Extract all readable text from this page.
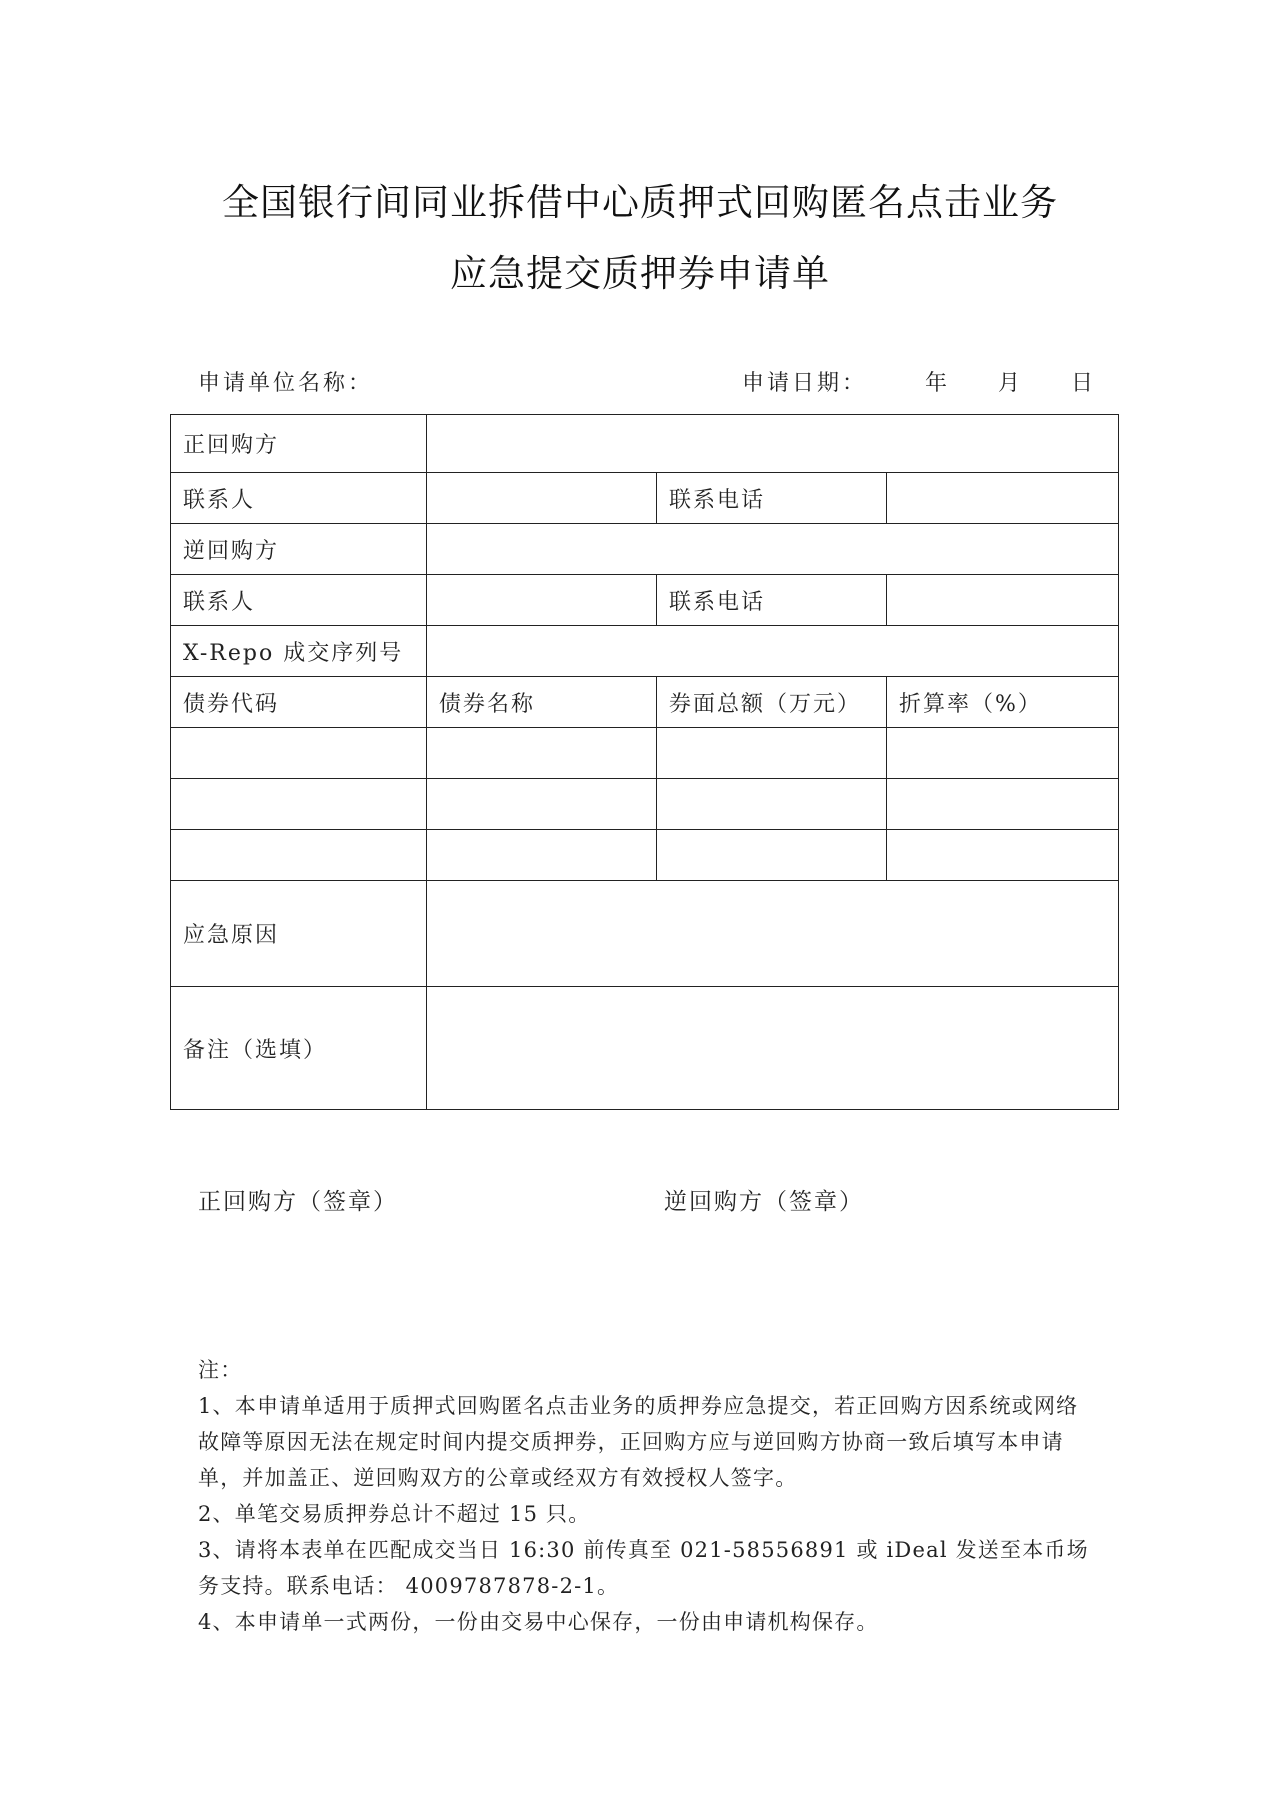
全国银行间同业拆借中心质押式回购匿名点击业务
应急提交质押券申请单
申请单位名称：	申请日期：	年 月 日
正回购方			
联系人		联系电话	
逆回购方			
联系人		联系电话	
X-Repo 成交序列号			
债券代码	债券名称	券面总额（万元）	折算率（%）

应急原因			
备注（选填）			
正回购方（签章）	逆回购方（签章）

注：

1、本申请单适用于质押式回购匿名点击业务的质押券应急提交，若正回购方因系统或网络故障等原因无法在规定时间内提交质押券，正回购方应与逆回购方协商一致后填写本申请单，并加盖正、逆回购双方的公章或经双方有效授权人签字。

2、单笔交易质押券总计不超过 15 只。

3、请将本表单在匹配成交当日 16:30 前传真至 021-58556891 或 iDeal 发送至本币场务支持。联系电话： 4009787878-2-1。

4、本申请单一式两份，一份由交易中心保存，一份由申请机构保存。
